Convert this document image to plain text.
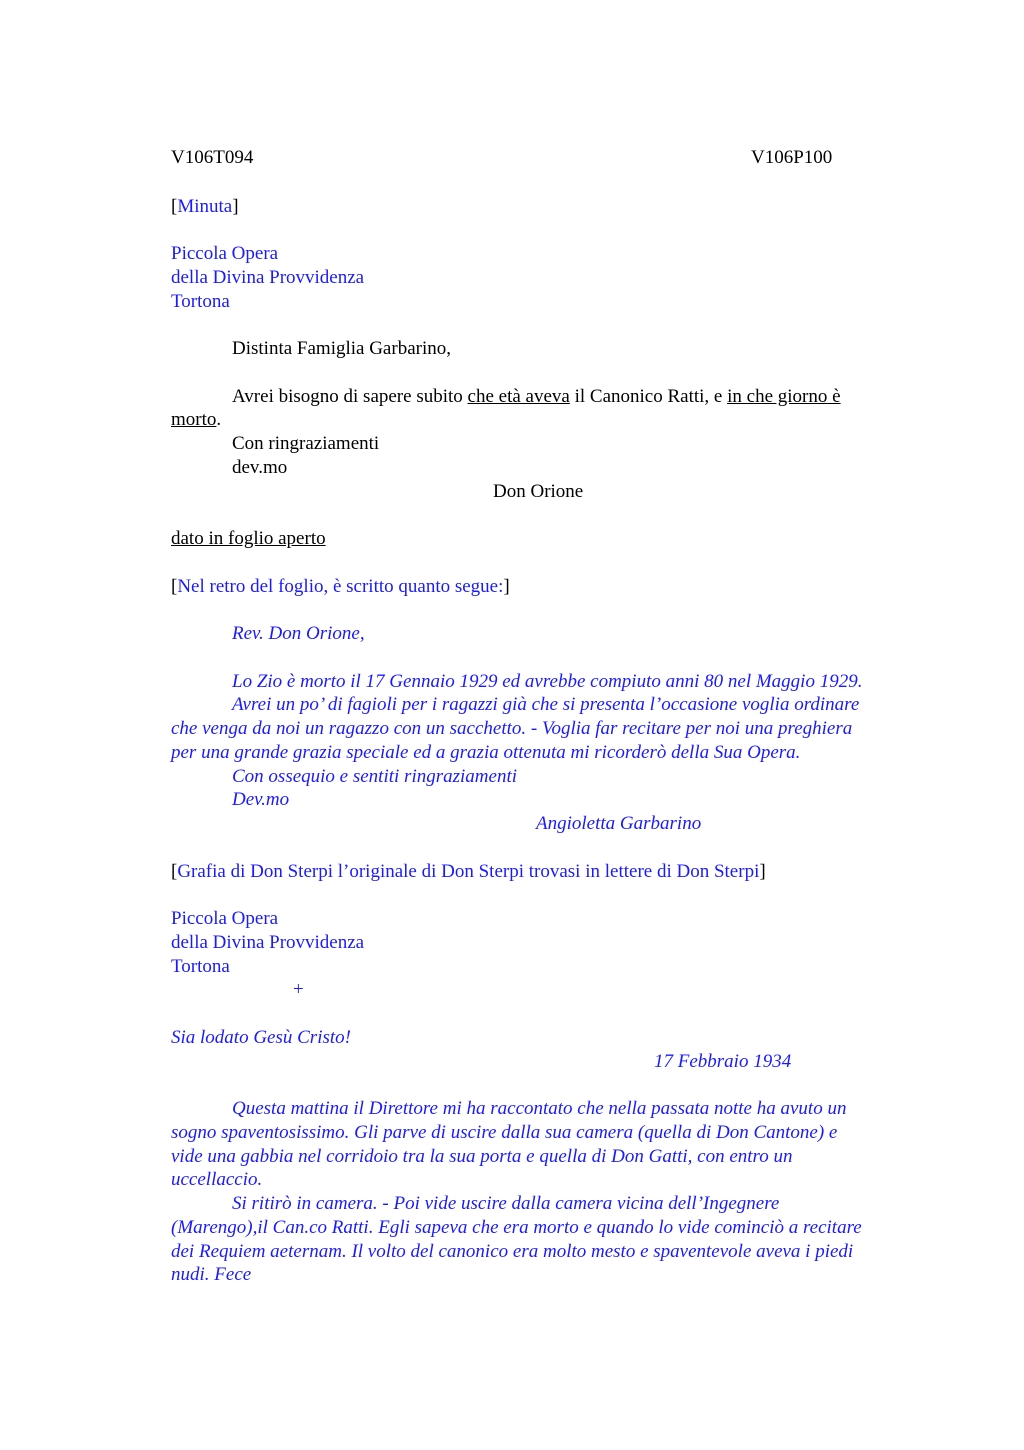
V106T094	V106P100
[Minuta]
Piccola Opera
della Divina Provvidenza
Tortona
Distinta Famiglia Garbarino,
Avrei bisogno di sapere subito che età aveva il Canonico Ratti, e in che giorno è
morto.
Con ringraziamenti
dev.mo
Don Orione
dato in foglio aperto
[Nel retro del foglio, è scritto quanto segue:]
Rev. Don Orione,
Lo Zio è morto il 17 Gennaio 1929 ed avrebbe compiuto anni 80 nel Maggio 1929.
Avrei un po’ di fagioli per i ragazzi già che si presenta l’occasione voglia ordinare
che venga da noi un ragazzo con un sacchetto. - Voglia far recitare per noi una preghiera
per una grande grazia speciale ed a grazia ottenuta mi ricorderò della Sua Opera.
Con ossequio e sentiti ringraziamenti
Dev.mo
Angioletta Garbarino
[Grafia di Don Sterpi l’originale di Don Sterpi trovasi in lettere di Don Sterpi]
Piccola Opera
della Divina Provvidenza
Tortona
+
Sia lodato Gesù Cristo!
17 Febbraio 1934
Questa mattina il Direttore mi ha raccontato che nella passata notte ha avuto un
sogno spaventosissimo. Gli parve di uscire dalla sua camera (quella di Don Cantone) e
vide una gabbia nel corridoio tra la sua porta e quella di Don Gatti, con entro un
uccellaccio.
Si ritirò in camera. - Poi vide uscire dalla camera vicina dell’Ingegnere
(Marengo),il Can.co Ratti. Egli sapeva che era morto e quando lo vide cominciò a recitare
dei Requiem aeternam. Il volto del canonico era molto mesto e spaventevole aveva i piedi
nudi. Fece
